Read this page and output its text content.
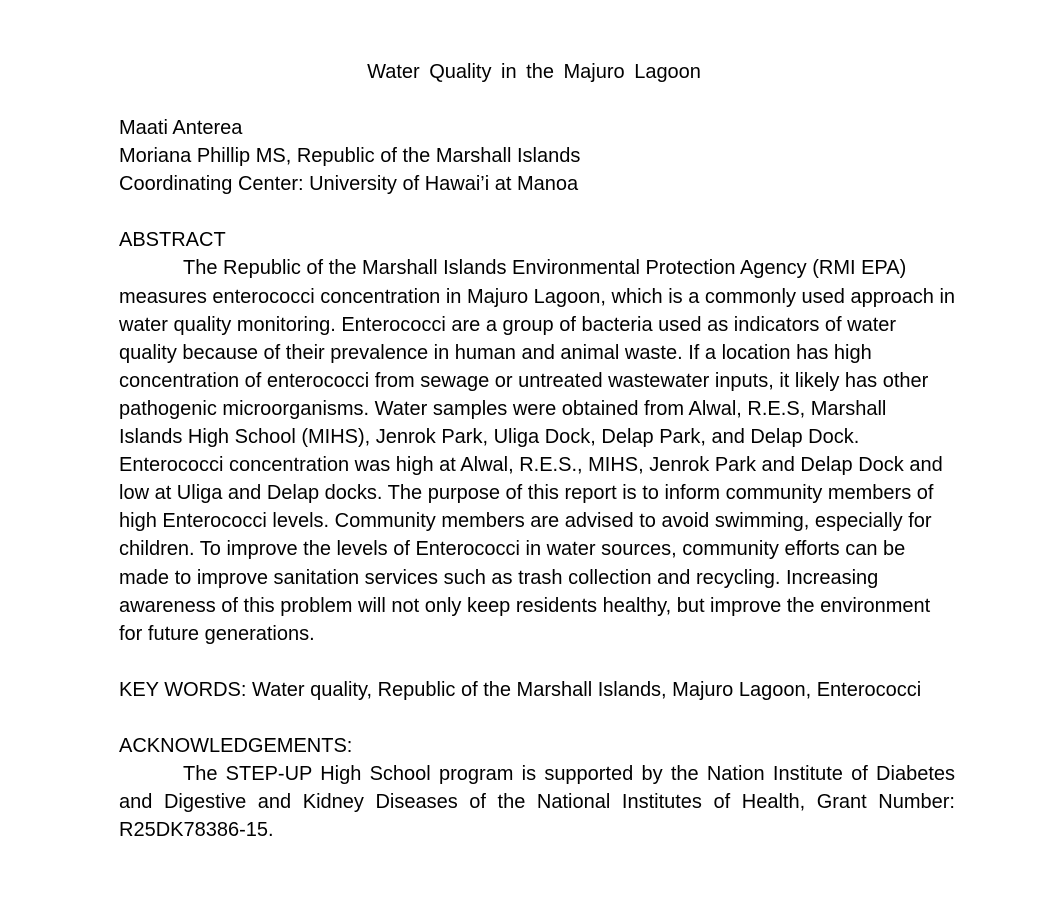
Water Quality in the Majuro Lagoon
Maati Anterea
Moriana Phillip MS, Republic of the Marshall Islands
Coordinating Center: University of Hawai’i at Manoa
ABSTRACT

The Republic of the Marshall Islands Environmental Protection Agency (RMI EPA) measures enterococci concentration in Majuro Lagoon, which is a commonly used approach in water quality monitoring. Enterococci are a group of bacteria used as indicators of water quality because of their prevalence in human and animal waste. If a location has high concentration of enterococci from sewage or untreated wastewater inputs, it likely has other pathogenic microorganisms. Water samples were obtained from Alwal, R.E.S, Marshall Islands High School (MIHS), Jenrok Park, Uliga Dock, Delap Park, and Delap Dock. Enterococci concentration was high at Alwal, R.E.S., MIHS, Jenrok Park and Delap Dock and low at Uliga and Delap docks. The purpose of this report is to inform community members of high Enterococci levels. Community members are advised to avoid swimming, especially for children. To improve the levels of Enterococci in water sources, community efforts can be made to improve sanitation services such as trash collection and recycling. Increasing awareness of this problem will not only keep residents healthy, but improve the environment for future generations.

KEY WORDS: Water quality, Republic of the Marshall Islands, Majuro Lagoon, Enterococci

ACKNOWLEDGEMENTS:

The STEP-UP High School program is supported by the Nation Institute of Diabetes and Digestive and Kidney Diseases of the National Institutes of Health, Grant Number: R25DK78386-15.
